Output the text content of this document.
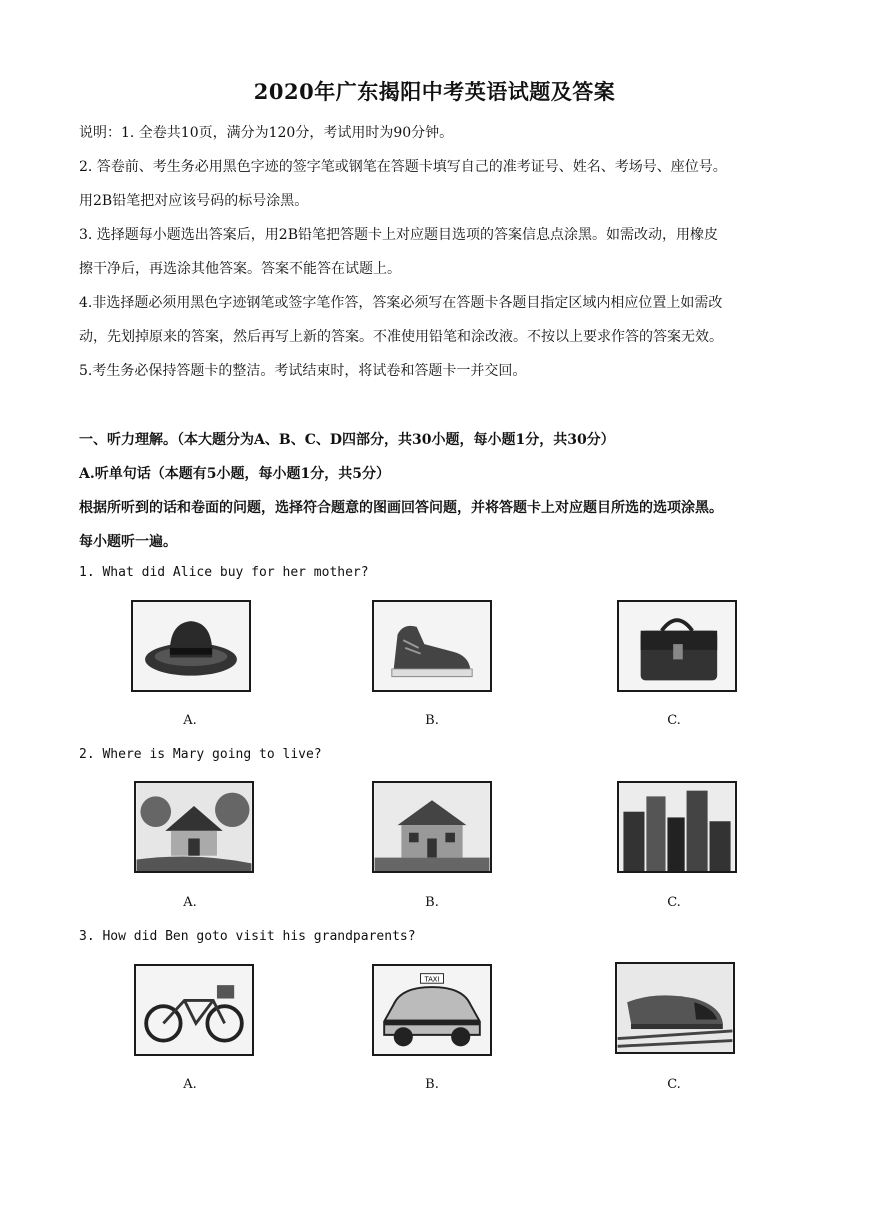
2020年广东揭阳中考英语试题及答案
说明：1. 全卷共10页，满分为120分，考试用时为90分钟。
2. 答卷前、考生务必用黑色字迹的签字笔或钢笔在答题卡填写自己的准考证号、姓名、考场号、座位号。
用2B铅笔把对应该号码的标号涂黑。
3. 选择题每小题选出答案后，用2B铅笔把答题卡上对应题目选项的答案信息点涂黑。如需改动，用橡皮
擦干净后，再选涂其他答案。答案不能答在试题上。
4.非选择题必须用黑色字迹钢笔或签字笔作答，答案必须写在答题卡各题目指定区域内相应位置上如需改
动，先划掉原来的答案，然后再写上新的答案。不准使用铅笔和涂改液。不按以上要求作答的答案无效。
5.考生务必保持答题卡的整洁。考试结束时，将试卷和答题卡一并交回。
一、听力理解。（本大题分为A、B、C、D四部分，共30小题，每小题1分，共30分）
A.听单句话（本题有5小题，每小题1分，共5分）
根据所听到的话和卷面的问题，选择符合题意的图画回答问题，并将答题卡上对应题目所选的选项涂黑。
每小题听一遍。
1. What did Alice buy for her mother?
A.	B.	C.
2. Where is Mary going to live?
A.	B.	C.
3. How did Ben goto visit his grandparents?
TAXI
A.	B.	C.
